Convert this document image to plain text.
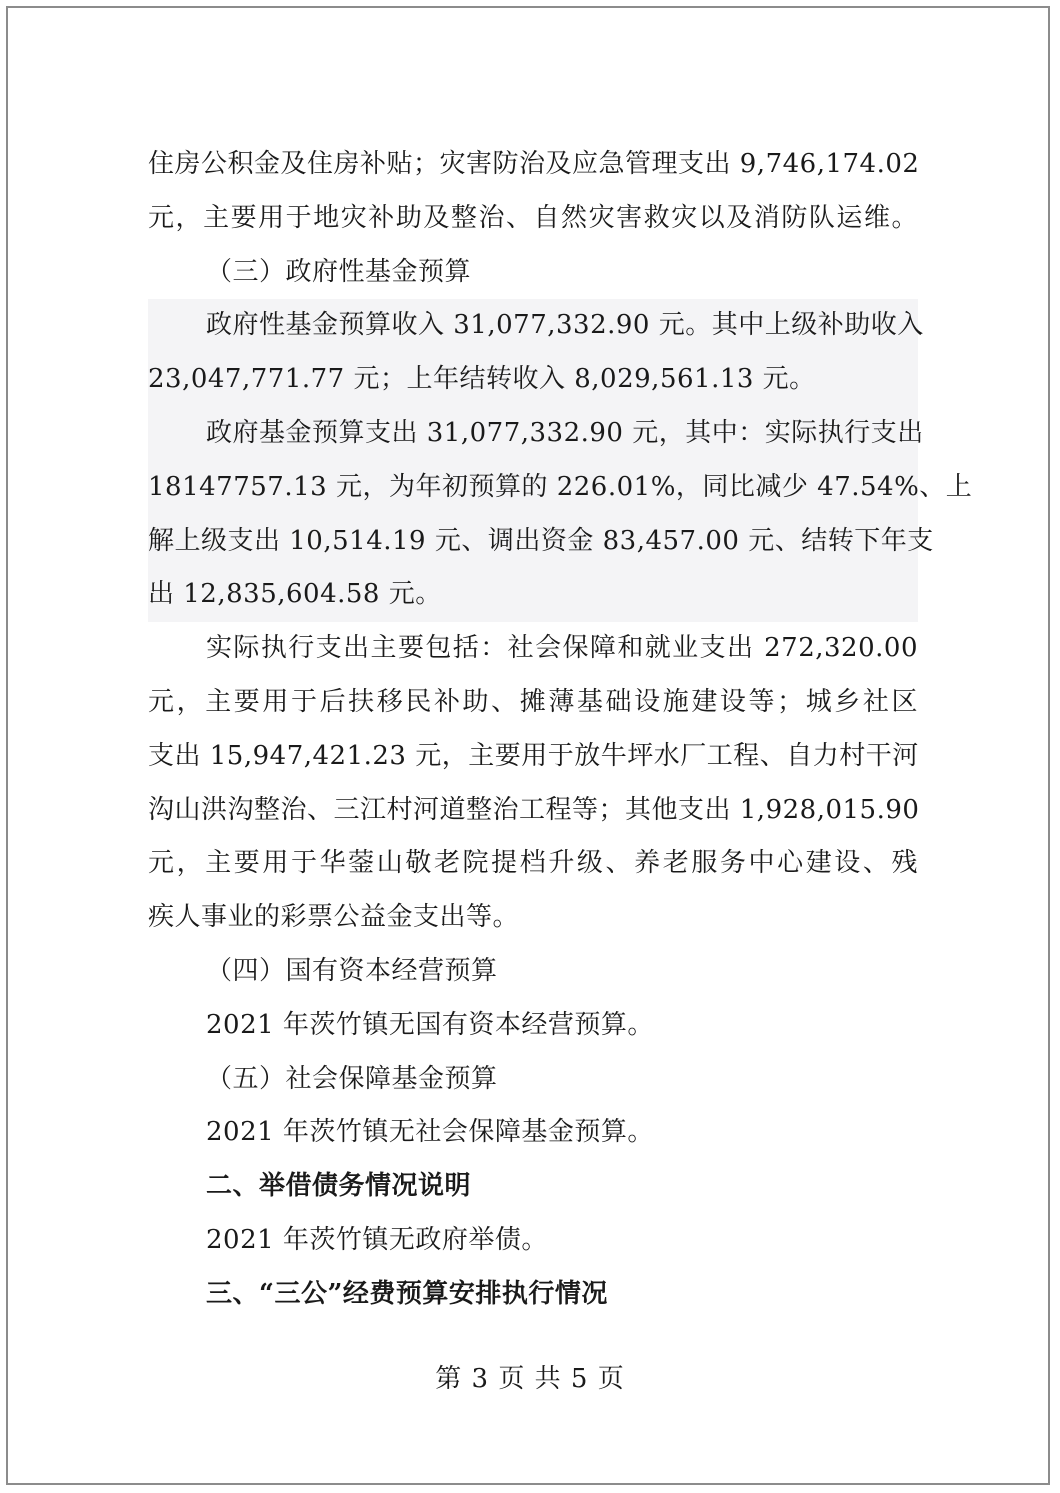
住房公积金及住房补贴；灾害防治及应急管理支出 9,746,174.02
元，主要用于地灾补助及整治、自然灾害救灾以及消防队运维。
（三）政府性基金预算
政府性基金预算收入 31,077,332.90 元。其中上级补助收入
23,047,771.77 元；上年结转收入 8,029,561.13 元。
政府基金预算支出 31,077,332.90 元，其中：实际执行支出
18147757.13 元，为年初预算的 226.01%，同比减少 47.54%、上
解上级支出 10,514.19 元、调出资金 83,457.00 元、结转下年支
出 12,835,604.58 元。
实际执行支出主要包括：社会保障和就业支出 272,320.00
元，主要用于后扶移民补助、摊薄基础设施建设等；城乡社区
支出 15,947,421.23 元，主要用于放牛坪水厂工程、自力村干河
沟山洪沟整治、三江村河道整治工程等；其他支出 1,928,015.90
元，主要用于华蓥山敬老院提档升级、养老服务中心建设、残
疾人事业的彩票公益金支出等。
（四）国有资本经营预算
2021 年茨竹镇无国有资本经营预算。
（五）社会保障基金预算
2021 年茨竹镇无社会保障基金预算。
二、举借债务情况说明
2021 年茨竹镇无政府举债。
三、“三公”经费预算安排执行情况
第 3 页 共 5 页
